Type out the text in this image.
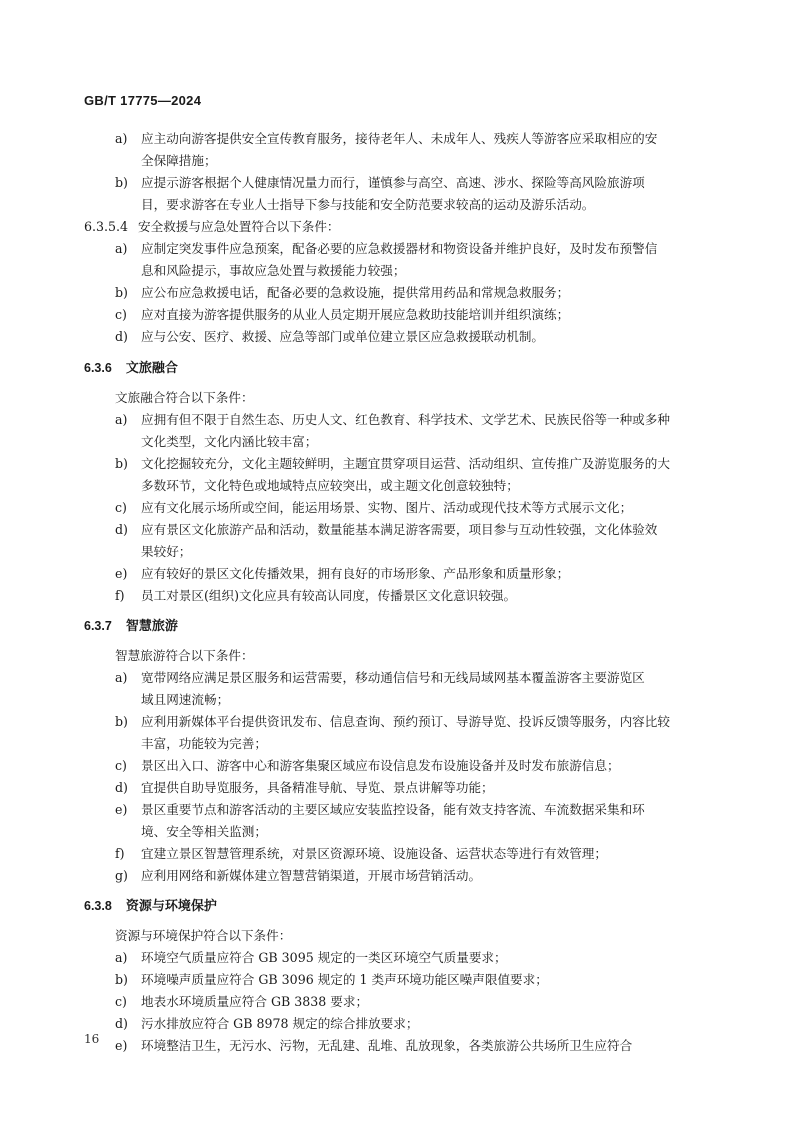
GB/T 17775—2024
a) 应主动向游客提供安全宣传教育服务，接待老年人、未成年人、残疾人等游客应采取相应的安
全保障措施；
b) 应提示游客根据个人健康情况量力而行，谨慎参与高空、高速、涉水、探险等高风险旅游项
目，要求游客在专业人士指导下参与技能和安全防范要求较高的运动及游乐活动。
6.3.5.4 安全救援与应急处置符合以下条件：
a) 应制定突发事件应急预案，配备必要的应急救援器材和物资设备并维护良好，及时发布预警信
息和风险提示，事故应急处置与救援能力较强；
b) 应公布应急救援电话，配备必要的急救设施，提供常用药品和常规急救服务；
c) 应对直接为游客提供服务的从业人员定期开展应急救助技能培训并组织演练；
d) 应与公安、医疗、救援、应急等部门或单位建立景区应急救援联动机制。
6.3.6 文旅融合
文旅融合符合以下条件：
a) 应拥有但不限于自然生态、历史人文、红色教育、科学技术、文学艺术、民族民俗等一种或多种
文化类型，文化内涵比较丰富；
b) 文化挖掘较充分，文化主题较鲜明，主题宜贯穿项目运营、活动组织、宣传推广及游览服务的大
多数环节，文化特色或地域特点应较突出，或主题文化创意较独特；
c) 应有文化展示场所或空间，能运用场景、实物、图片、活动或现代技术等方式展示文化；
d) 应有景区文化旅游产品和活动，数量能基本满足游客需要，项目参与互动性较强，文化体验效
果较好；
e) 应有较好的景区文化传播效果，拥有良好的市场形象、产品形象和质量形象；
f) 员工对景区(组织)文化应具有较高认同度，传播景区文化意识较强。
6.3.7 智慧旅游
智慧旅游符合以下条件：
a) 宽带网络应满足景区服务和运营需要，移动通信信号和无线局域网基本覆盖游客主要游览区
域且网速流畅；
b) 应利用新媒体平台提供资讯发布、信息查询、预约预订、导游导览、投诉反馈等服务，内容比较
丰富，功能较为完善；
c) 景区出入口、游客中心和游客集聚区域应布设信息发布设施设备并及时发布旅游信息；
d) 宜提供自助导览服务，具备精准导航、导览、景点讲解等功能；
e) 景区重要节点和游客活动的主要区域应安装监控设备，能有效支持客流、车流数据采集和环
境、安全等相关监测；
f) 宜建立景区智慧管理系统，对景区资源环境、设施设备、运营状态等进行有效管理；
g) 应利用网络和新媒体建立智慧营销渠道，开展市场营销活动。
6.3.8 资源与环境保护
资源与环境保护符合以下条件：
a) 环境空气质量应符合 GB 3095 规定的一类区环境空气质量要求；
b) 环境噪声质量应符合 GB 3096 规定的 1 类声环境功能区噪声限值要求；
c) 地表水环境质量应符合 GB 3838 要求；
d) 污水排放应符合 GB 8978 规定的综合排放要求；
e) 环境整洁卫生，无污水、污物，无乱建、乱堆、乱放现象，各类旅游公共场所卫生应符合
16
